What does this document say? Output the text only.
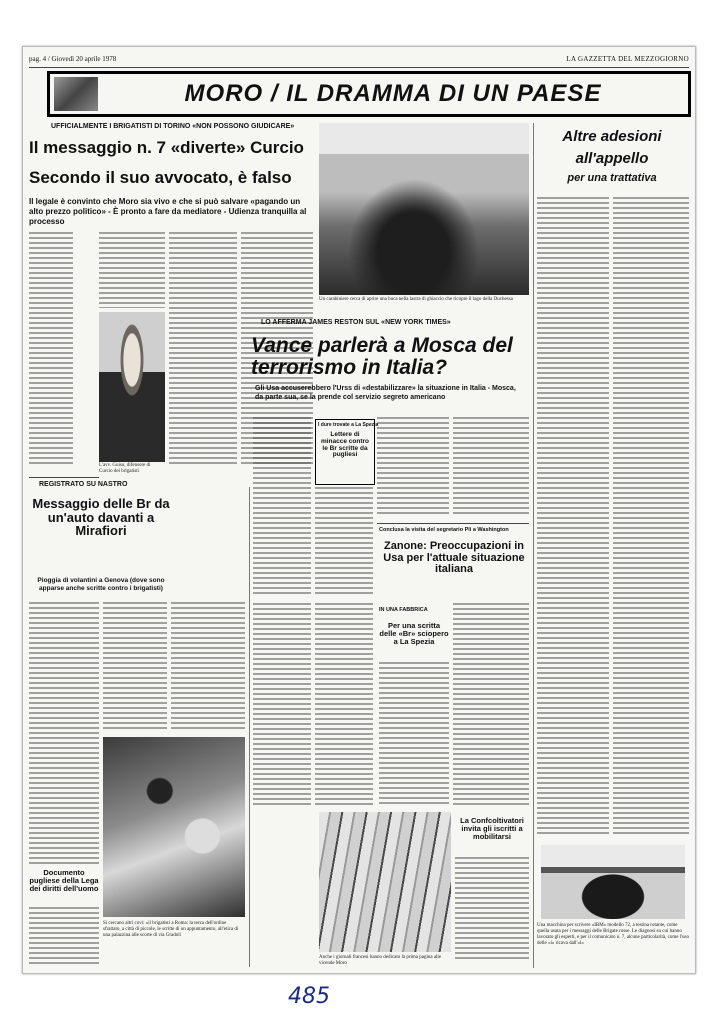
pag. 4 / Giovedì 20 aprile 1978	LA GAZZETTA DEL MEZZOGIORNO
MORO / IL DRAMMA DI UN PAESE
UFFICIALMENTE I BRIGATISTI DI TORINO «NON POSSONO GIUDICARE»
Il messaggio n. 7 «diverte» Curcio
Secondo il suo avvocato, è falso
Il legale è convinto che Moro sia vivo e che si può salvare «pagando un alto prezzo politico» - È pronto a fare da mediatore - Udienza tranquilla al processo
L'avv. Guiso, difensore di Curcio dei brigatisti
REGISTRATO SU NASTRO
Messaggio delle Br da un'auto davanti a Mirafiori
Pioggia di volantini a Genova (dove sono apparse anche scritte contro i brigatisti)
Documento pugliese della Lega dei diritti dell'uomo
Si cercano altri covi: «il brigatisti a Roma: la terza dell'ordine sfrattato, a città di piccole, le scritte di un appuntamento, all'etica di una palazzina alle scorte di via Gradoli
Un carabiniere cerca di aprire una buca nella lastra di ghiaccio che ricopre il lago della Duchessa
LO AFFERMA JAMES RESTON SUL «NEW YORK TIMES»
Vance parlerà a Mosca del terrorismo in Italia?
Gli Usa accuserebbero l'Urss di «destabilizzare» la situazione in Italia - Mosca, da parte sua, se la prende col servizio segreto americano
I dure trovate a La Spezia
Lettere di minacce contro le Br scritte da pugliesi
Conclusa la visita del segretario Pli a Washington
Zanone: Preoccupazioni in Usa per l'attuale situazione italiana
IN UNA FABBRICA
Per una scritta delle «Br» sciopero a La Spezia
Anche i giornali francesi hanno dedicato la prima pagina alle vicende Moro
La Confcoltivatori invita gli iscritti a mobilitarsi
Altre adesioni
all'appello
per una trattativa
Una macchina per scrivere «IBM» modello 72, a testina rotante, come quella usata per i messaggi delle Brigate rosse. Le diagnosi su cui hanno lavorato gli esperti, e per il comunicato n. 7, alcune particolarità, come l'uso delle «i» ricava dall'«l»
485
